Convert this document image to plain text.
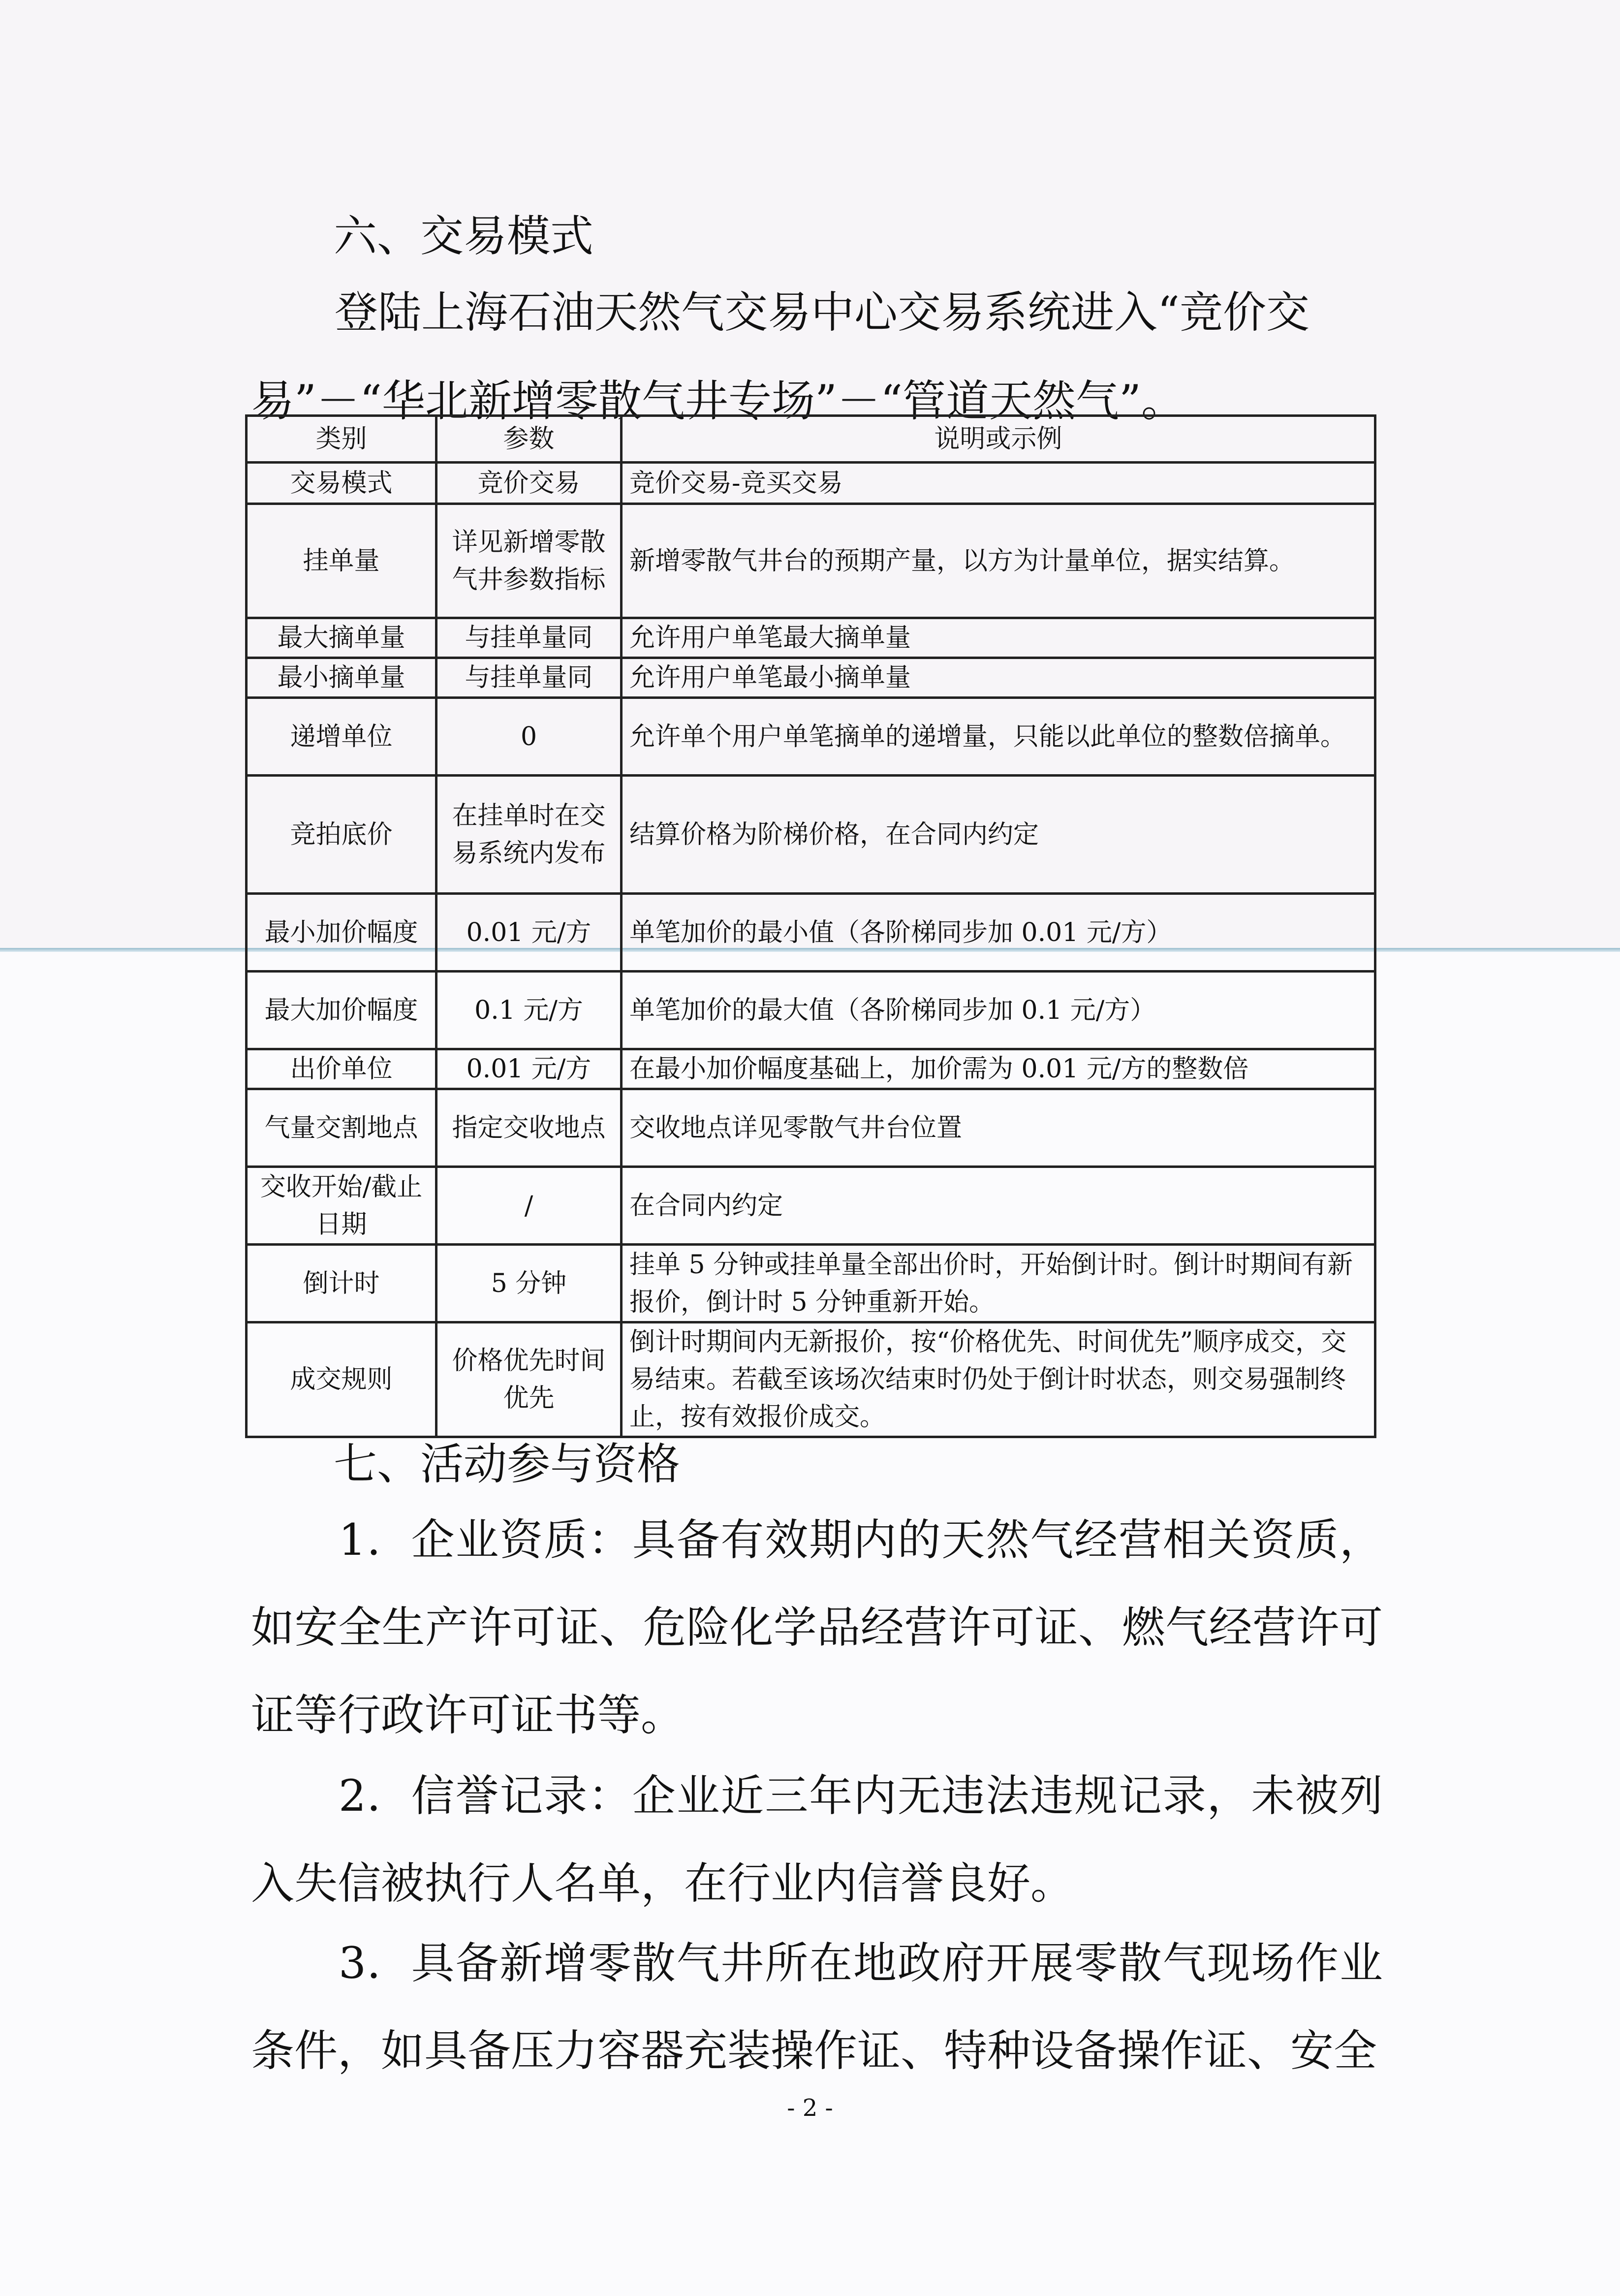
六、交易模式
登陆上海石油天然气交易中心交易系统进入“竞价交易”－“华北新增零散气井专场”－“管道天然气”。
类别	参数	说明或示例
交易模式	竞价交易	竞价交易-竞买交易
挂单量	详见新增零散气井参数指标	新增零散气井台的预期产量，以方为计量单位，据实结算。
最大摘单量	与挂单量同	允许用户单笔最大摘单量
最小摘单量	与挂单量同	允许用户单笔最小摘单量
递增单位	0	允许单个用户单笔摘单的递增量，只能以此单位的整数倍摘单。
竞拍底价	在挂单时在交易系统内发布	结算价格为阶梯价格，在合同内约定
最小加价幅度	0.01 元/方	单笔加价的最小值（各阶梯同步加 0.01 元/方）
最大加价幅度	0.1 元/方	单笔加价的最大值（各阶梯同步加 0.1 元/方）
出价单位	0.01 元/方	在最小加价幅度基础上，加价需为 0.01 元/方的整数倍
气量交割地点	指定交收地点	交收地点详见零散气井台位置
交收开始/截止日期	/	在合同内约定
倒计时	5 分钟	挂单 5 分钟或挂单量全部出价时，开始倒计时。倒计时期间有新报价，倒计时 5 分钟重新开始。
成交规则	价格优先时间优先	倒计时期间内无新报价，按“价格优先、时间优先”顺序成交，交易结束。若截至该场次结束时仍处于倒计时状态，则交易强制终止，按有效报价成交。
七、活动参与资格
1．企业资质：具备有效期内的天然气经营相关资质，如安全生产许可证、危险化学品经营许可证、燃气经营许可证等行政许可证书等。
2．信誉记录：企业近三年内无违法违规记录，未被列入失信被执行人名单，在行业内信誉良好。
3．具备新增零散气井所在地政府开展零散气现场作业条件，如具备压力容器充装操作证、特种设备操作证、安全
- 2 -
